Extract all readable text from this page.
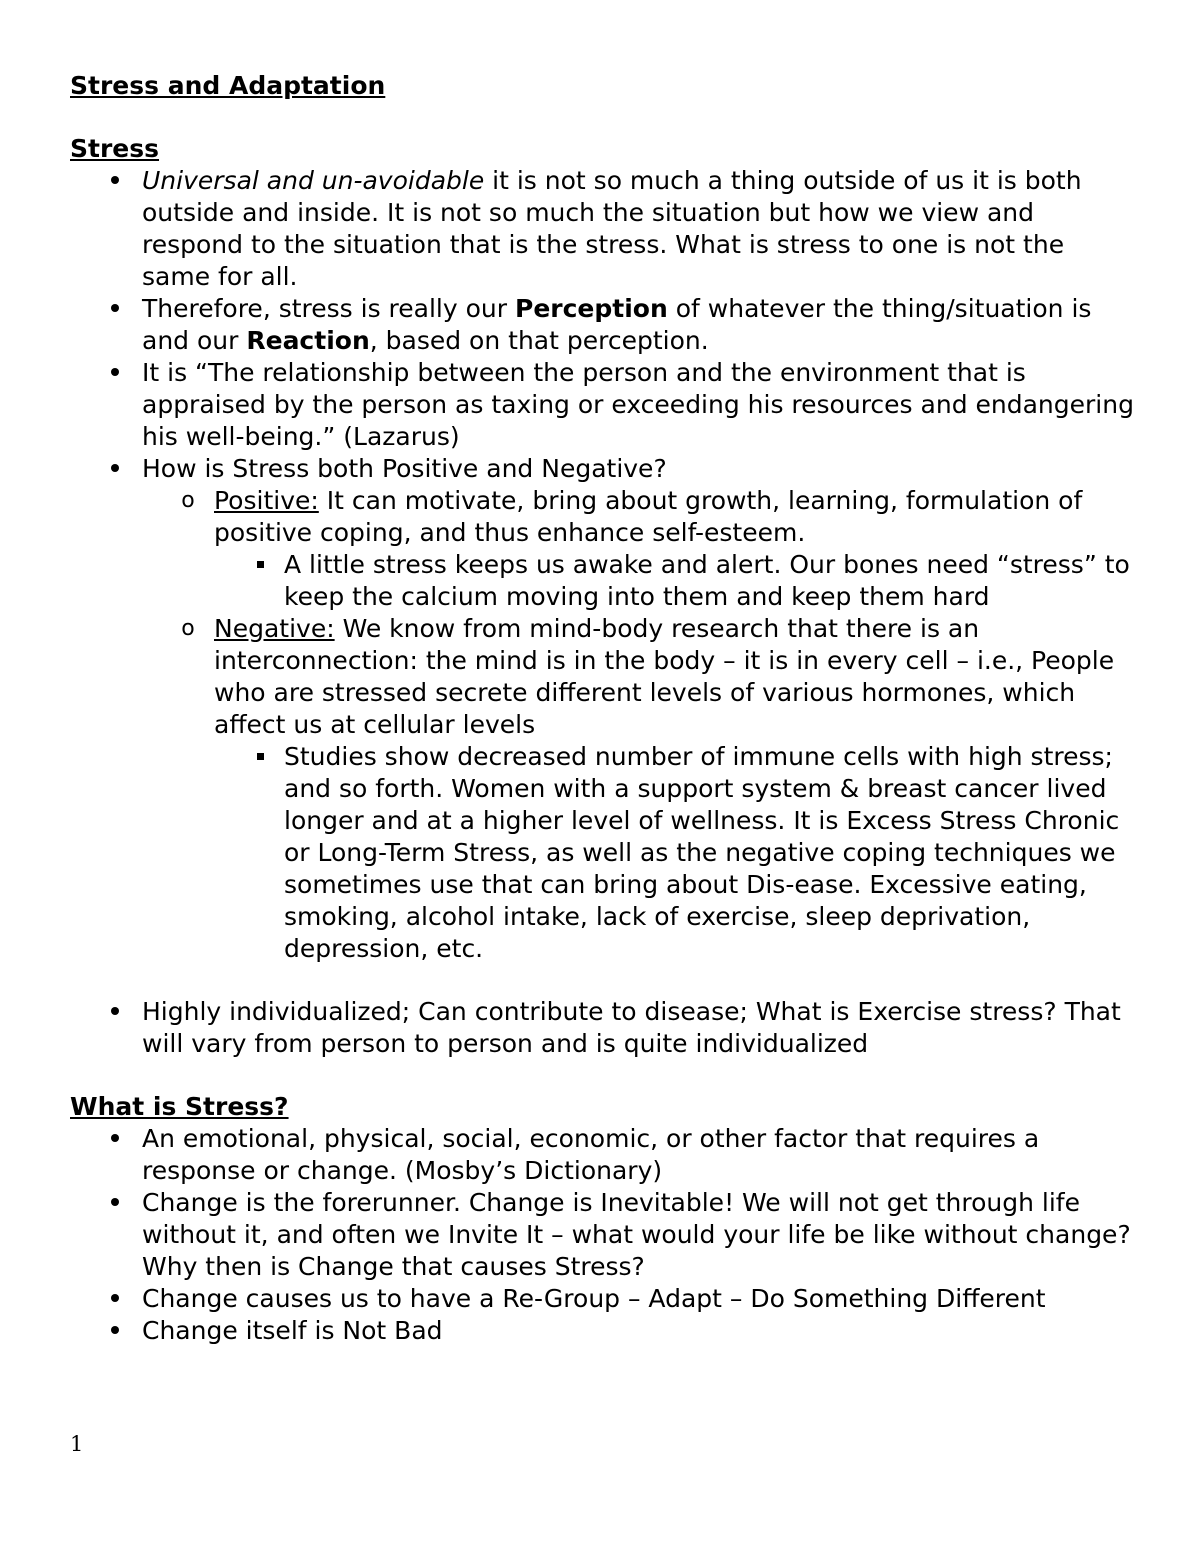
Stress and Adaptation
Stress
Universal and un-avoidable it is not so much a thing outside of us it is both outside and inside. It is not so much the situation but how we view and respond to the situation that is the stress. What is stress to one is not the same for all.
Therefore, stress is really our Perception of whatever the thing/situation is and our Reaction, based on that perception.
It is “The relationship between the person and the environment that is appraised by the person as taxing or exceeding his resources and endangering his well-being.” (Lazarus)
How is Stress both Positive and Negative?
o Positive: It can motivate, bring about growth, learning, formulation of positive coping, and thus enhance self-esteem.
A little stress keeps us awake and alert. Our bones need “stress” to keep the calcium moving into them and keep them hard
o Negative: We know from mind-body research that there is an interconnection: the mind is in the body – it is in every cell – i.e., People who are stressed secrete different levels of various hormones, which affect us at cellular levels
Studies show decreased number of immune cells with high stress; and so forth. Women with a support system & breast cancer lived longer and at a higher level of wellness. It is Excess Stress Chronic or Long-Term Stress, as well as the negative coping techniques we sometimes use that can bring about Dis-ease. Excessive eating, smoking, alcohol intake, lack of exercise, sleep deprivation, depression, etc.
Highly individualized; Can contribute to disease; What is Exercise stress? That will vary from person to person and is quite individualized
What is Stress?
An emotional, physical, social, economic, or other factor that requires a response or change. (Mosby’s Dictionary)
Change is the forerunner. Change is Inevitable! We will not get through life without it, and often we Invite It – what would your life be like without change? Why then is Change that causes Stress?
Change causes us to have a Re-Group – Adapt – Do Something Different
Change itself is Not Bad
1
